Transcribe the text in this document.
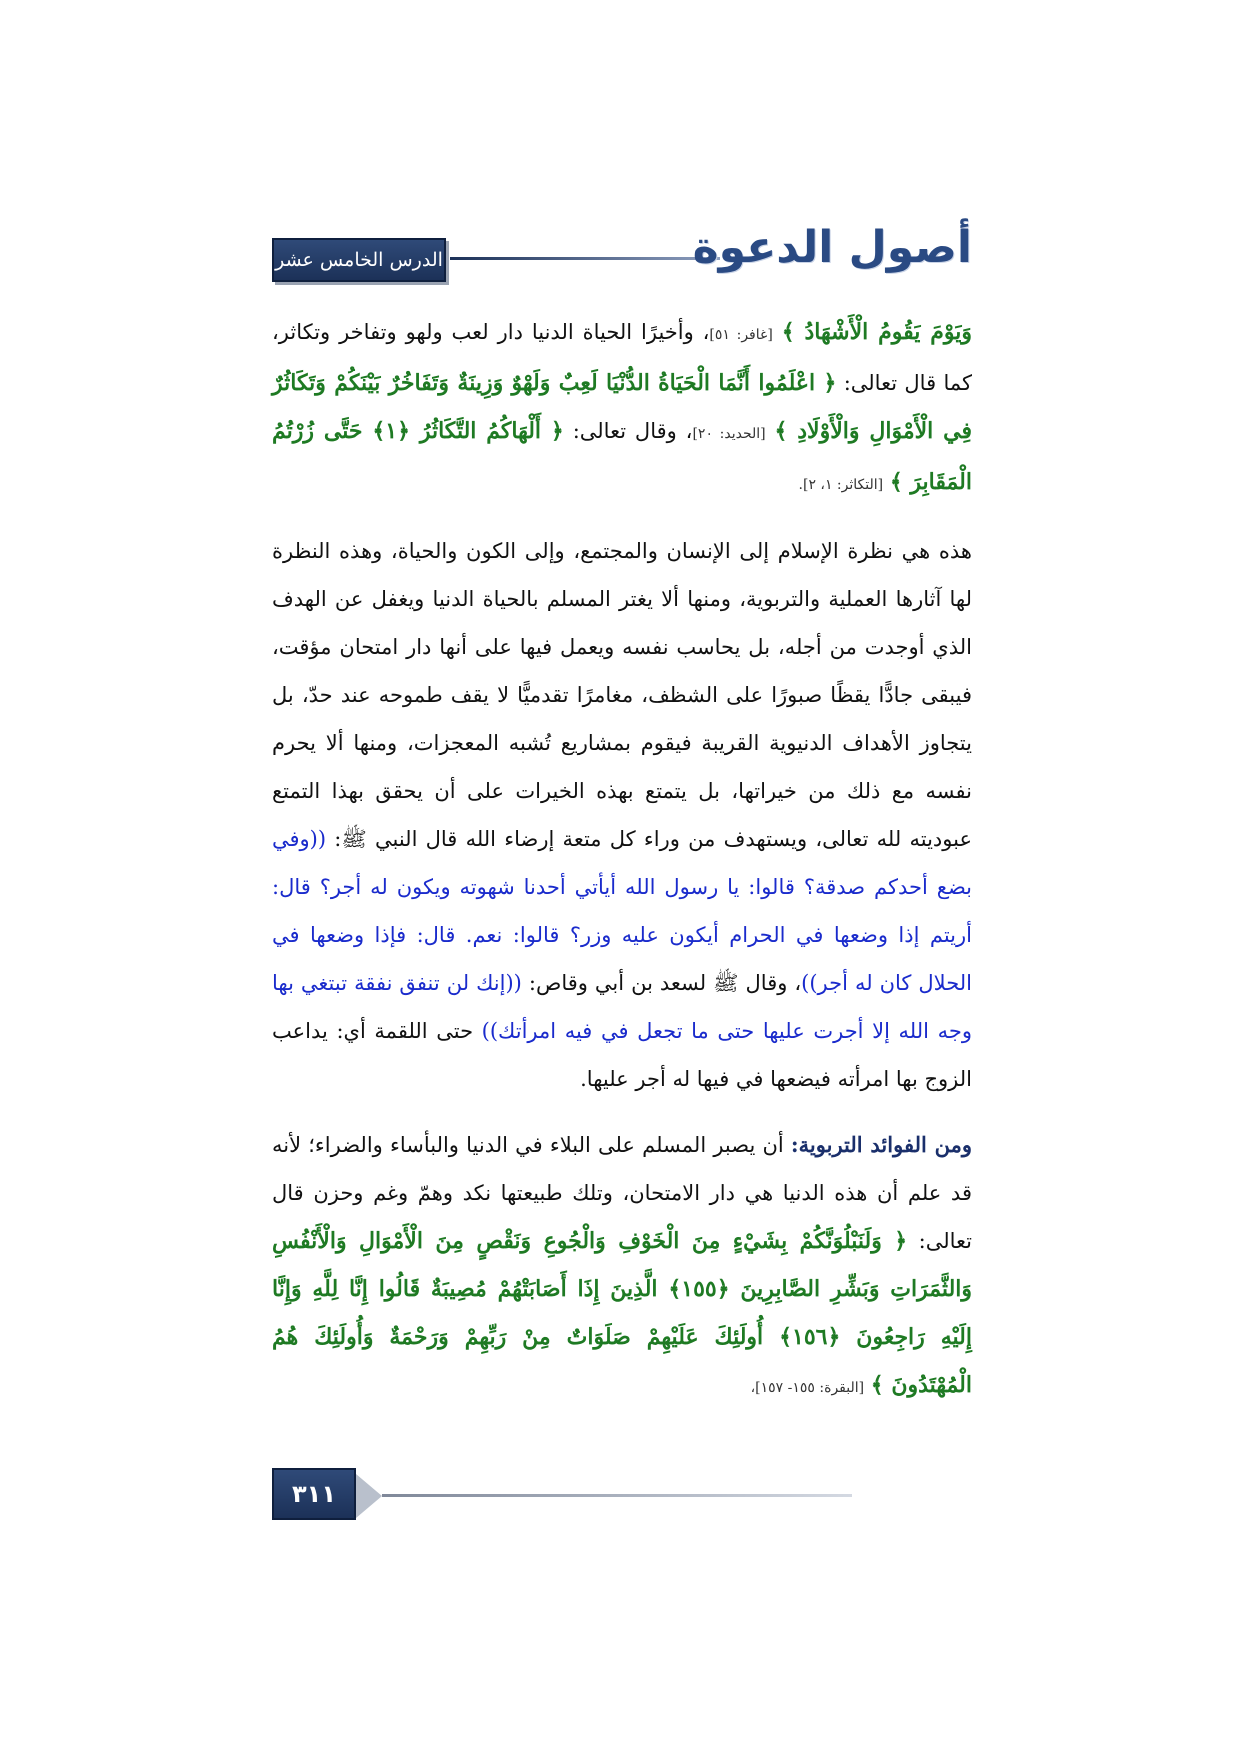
الدرس الخامس عشر	أصول الدعوة

وَيَوْمَ يَقُومُ الْأَشْهَادُ ﴾ [غافر: ٥١]، وأخيرًا الحياة الدنيا دار لعب ولهو وتفاخر وتكاثر، كما قال تعالى: ﴿ اعْلَمُوا أَنَّمَا الْحَيَاةُ الدُّنْيَا لَعِبٌ وَلَهْوٌ وَزِينَةٌ وَتَفَاخُرٌ بَيْنَكُمْ وَتَكَاثُرٌ فِي الْأَمْوَالِ وَالْأَوْلَادِ ﴾ [الحديد: ٢٠]، وقال تعالى: ﴿ أَلْهَاكُمُ التَّكَاثُرُ ﴿١﴾ حَتَّى زُرْتُمُ الْمَقَابِرَ ﴾ [التكاثر: ١، ٢].

هذه هي نظرة الإسلام إلى الإنسان والمجتمع، وإلى الكون والحياة، وهذه النظرة لها آثارها العملية والتربوية، ومنها ألا يغتر المسلم بالحياة الدنيا ويغفل عن الهدف الذي أوجدت من أجله، بل يحاسب نفسه ويعمل فيها على أنها دار امتحان مؤقت، فيبقى جادًّا يقظًا صبورًا على الشظف، مغامرًا تقدميًّا لا يقف طموحه عند حدّ، بل يتجاوز الأهداف الدنيوية القريبة فيقوم بمشاريع تُشبه المعجزات، ومنها ألا يحرم نفسه مع ذلك من خيراتها، بل يتمتع بهذه الخيرات على أن يحقق بهذا التمتع عبوديته لله تعالى، ويستهدف من وراء كل متعة إرضاء الله قال النبي ﷺ: ((وفي بضع أحدكم صدقة؟ قالوا: يا رسول الله أيأتي أحدنا شهوته ويكون له أجر؟ قال: أريتم إذا وضعها في الحرام أيكون عليه وزر؟ قالوا: نعم. قال: فإذا وضعها في الحلال كان له أجر))، وقال ﷺ لسعد بن أبي وقاص: ((إنك لن تنفق نفقة تبتغي بها وجه الله إلا أجرت عليها حتى ما تجعل في فيه امرأتك)) حتى اللقمة أي: يداعب الزوج بها امرأته فيضعها في فيها له أجر عليها.

ومن الفوائد التربوية: أن يصبر المسلم على البلاء في الدنيا والبأساء والضراء؛ لأنه قد علم أن هذه الدنيا هي دار الامتحان، وتلك طبيعتها نكد وهمّ وغم وحزن قال تعالى: ﴿ وَلَنَبْلُوَنَّكُمْ بِشَيْءٍ مِنَ الْخَوْفِ وَالْجُوعِ وَنَقْصٍ مِنَ الْأَمْوَالِ وَالْأَنْفُسِ وَالثَّمَرَاتِ وَبَشِّرِ الصَّابِرِينَ ﴿١٥٥﴾ الَّذِينَ إِذَا أَصَابَتْهُمْ مُصِيبَةٌ قَالُوا إِنَّا لِلَّهِ وَإِنَّا إِلَيْهِ رَاجِعُونَ ﴿١٥٦﴾ أُولَئِكَ عَلَيْهِمْ صَلَوَاتٌ مِنْ رَبِّهِمْ وَرَحْمَةٌ وَأُولَئِكَ هُمُ الْمُهْتَدُونَ ﴾ [البقرة: ١٥٥- ١٥٧]،

٣١١
